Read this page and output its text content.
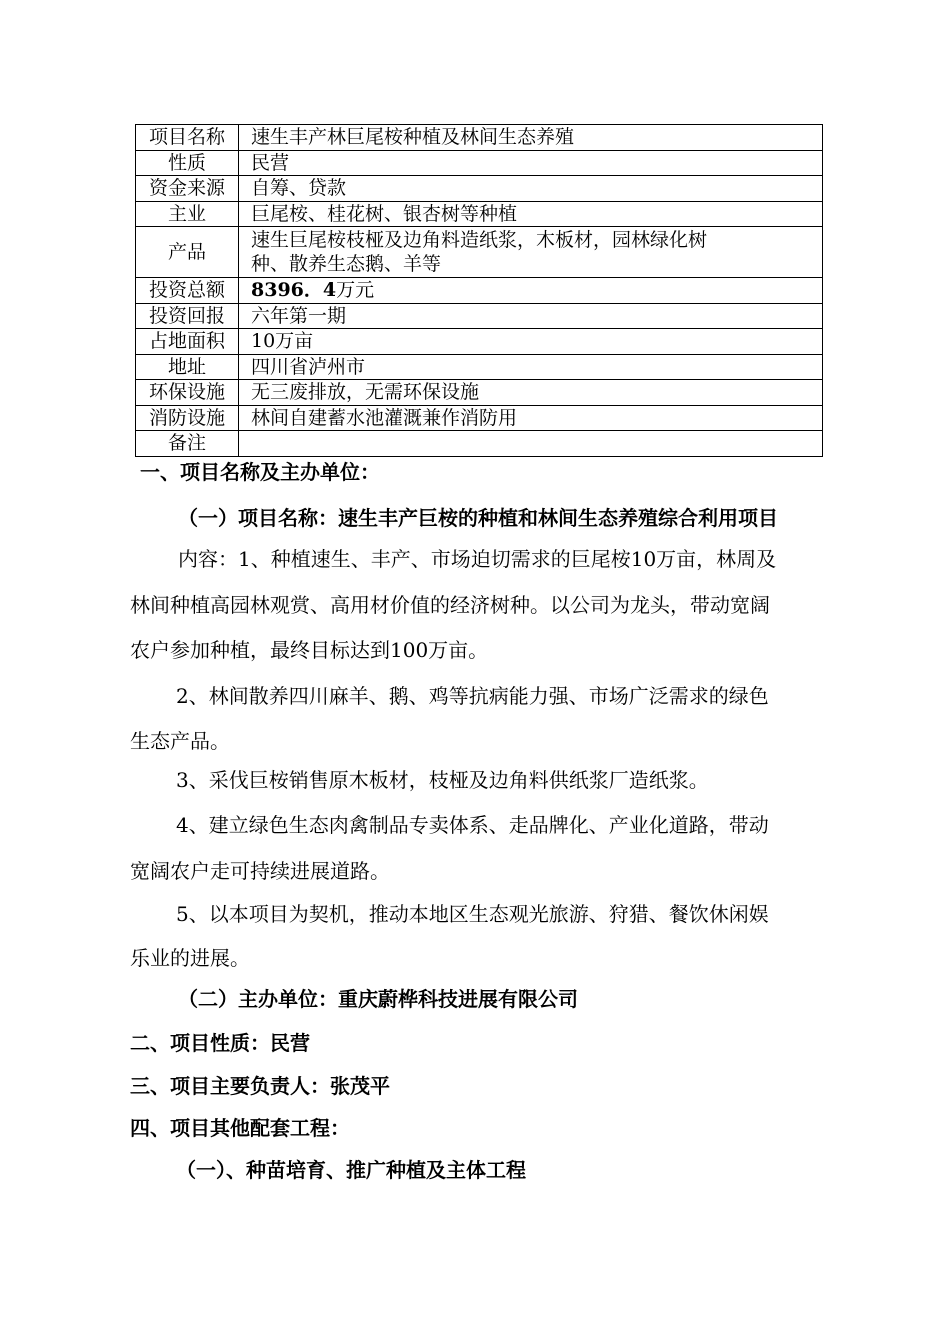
项目名称	速生丰产林巨尾桉种植及林间生态养殖
性质	民营
资金来源	自筹、贷款
主业	巨尾桉、桂花树、银杏树等种植
产品	速生巨尾桉枝桠及边角料造纸浆，木板材，园林绿化树
种、散养生态鹅、羊等

投资总额	8396．4万元
投资回报	六年第一期
占地面积	10万亩
地址	四川省泸州市
环保设施	无三废排放，无需环保设施
消防设施	林间自建蓄水池灌溉兼作消防用
备注	
一、项目名称及主办单位：
（一）项目名称：速生丰产巨桉的种植和林间生态养殖综合利用项目
内容：1、种植速生、丰产、市场迫切需求的巨尾桉10万亩，林周及
林间种植高园林观赏、高用材价值的经济树种。以公司为龙头，带动宽阔
农户参加种植，最终目标达到100万亩。
2、林间散养四川麻羊、鹅、鸡等抗病能力强、市场广泛需求的绿色
生态产品。
3、采伐巨桉销售原木板材，枝桠及边角料供纸浆厂造纸浆。
4、建立绿色生态肉禽制品专卖体系、走品牌化、产业化道路，带动
宽阔农户走可持续进展道路。
5、以本项目为契机，推动本地区生态观光旅游、狩猎、餐饮休闲娱
乐业的进展。
（二）主办单位：重庆蔚桦科技进展有限公司
二、项目性质：民营
三、项目主要负责人：张茂平
四、项目其他配套工程：
（一）、种苗培育、推广种植及主体工程
